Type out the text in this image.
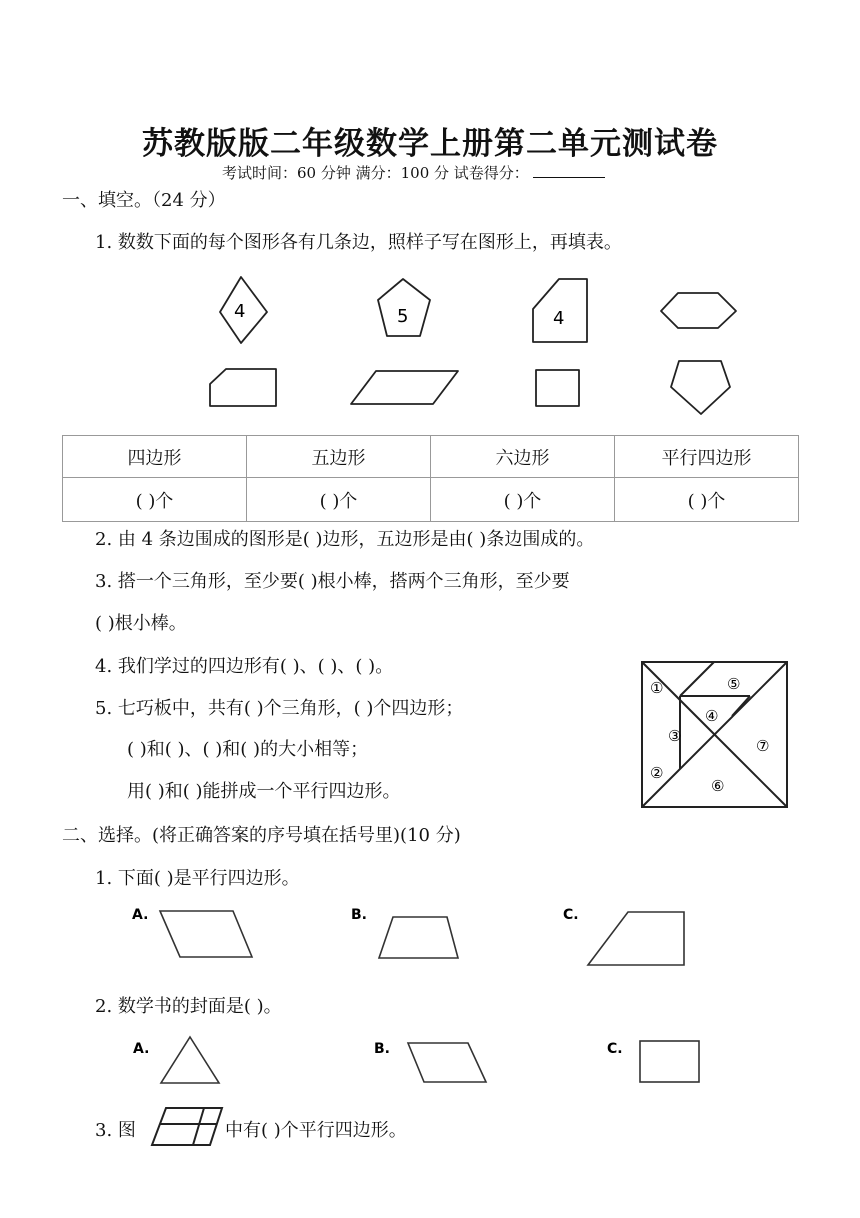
苏教版版二年级数学上册第二单元测试卷
考试时间：60 分钟 满分：100 分 试卷得分：
一、填空。（24 分）
1. 数数下面的每个图形各有几条边，照样子写在图形上，再填表。
4	5	4
四边形	五边形	六边形	平行四边形
( )个	( )个	( )个	( )个
2. 由 4 条边围成的图形是( )边形，五边形是由( )条边围成的。
3. 搭一个三角形，至少要( )根小棒，搭两个三角形，至少要
( )根小棒。
4. 我们学过的四边形有( )、( )、( )。
5. 七巧板中，共有( )个三角形，( )个四边形；
( )和( )、( )和( )的大小相等；
用( )和( )能拼成一个平行四边形。
①
②
③
④
⑤
⑥
⑦
二、选择。(将正确答案的序号填在括号里)(10 分)
1. 下面( )是平行四边形。
A.	B.	C.
2. 数学书的封面是( )。
A.	B.	C.
3. 图	中有( )个平行四边形。
